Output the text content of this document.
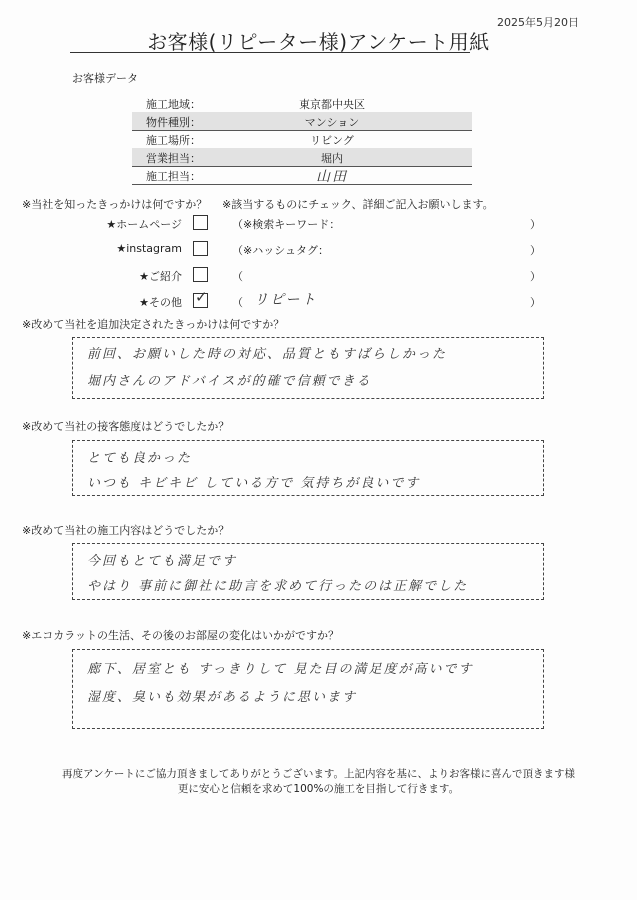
2025年5月20日
お客様(リピーター様)アンケート用紙
お客様データ
施工地域：	東京都中央区
物件種別：	マンション
施工場所：	リビング
営業担当：	堀内
施工担当：	山田
※当社を知ったきっかけは何ですか？ ※該当するものにチェック、詳細ご記入お願いします。
★ホームページ	（※検索キーワード：	）
★instagram	（※ハッシュタグ：	）
★ご紹介	（	）
★その他 ✓ （ リピート	）
※改めて当社を追加決定されたきっかけは何ですか？
前回、お願いした時の対応、品質ともすばらしかった
堀内さんのアドバイスが的確で信頼できる
※改めて当社の接客態度はどうでしたか？
とても良かった
いつも キビキビ している方で 気持ちが良いです
※改めて当社の施工内容はどうでしたか？
今回もとても満足です
やはり 事前に御社に助言を求めて行ったのは正解でした
※エコカラットの生活、その後のお部屋の変化はいかがですか？
廊下、居室とも すっきりして 見た目の満足度が高いです
湿度、臭いも効果があるように思います
再度アンケートにご協力頂きましてありがとうございます。上記内容を基に、よりお客様に喜んで頂きます様
更に安心と信頼を求めて100%の施工を目指して行きます。
